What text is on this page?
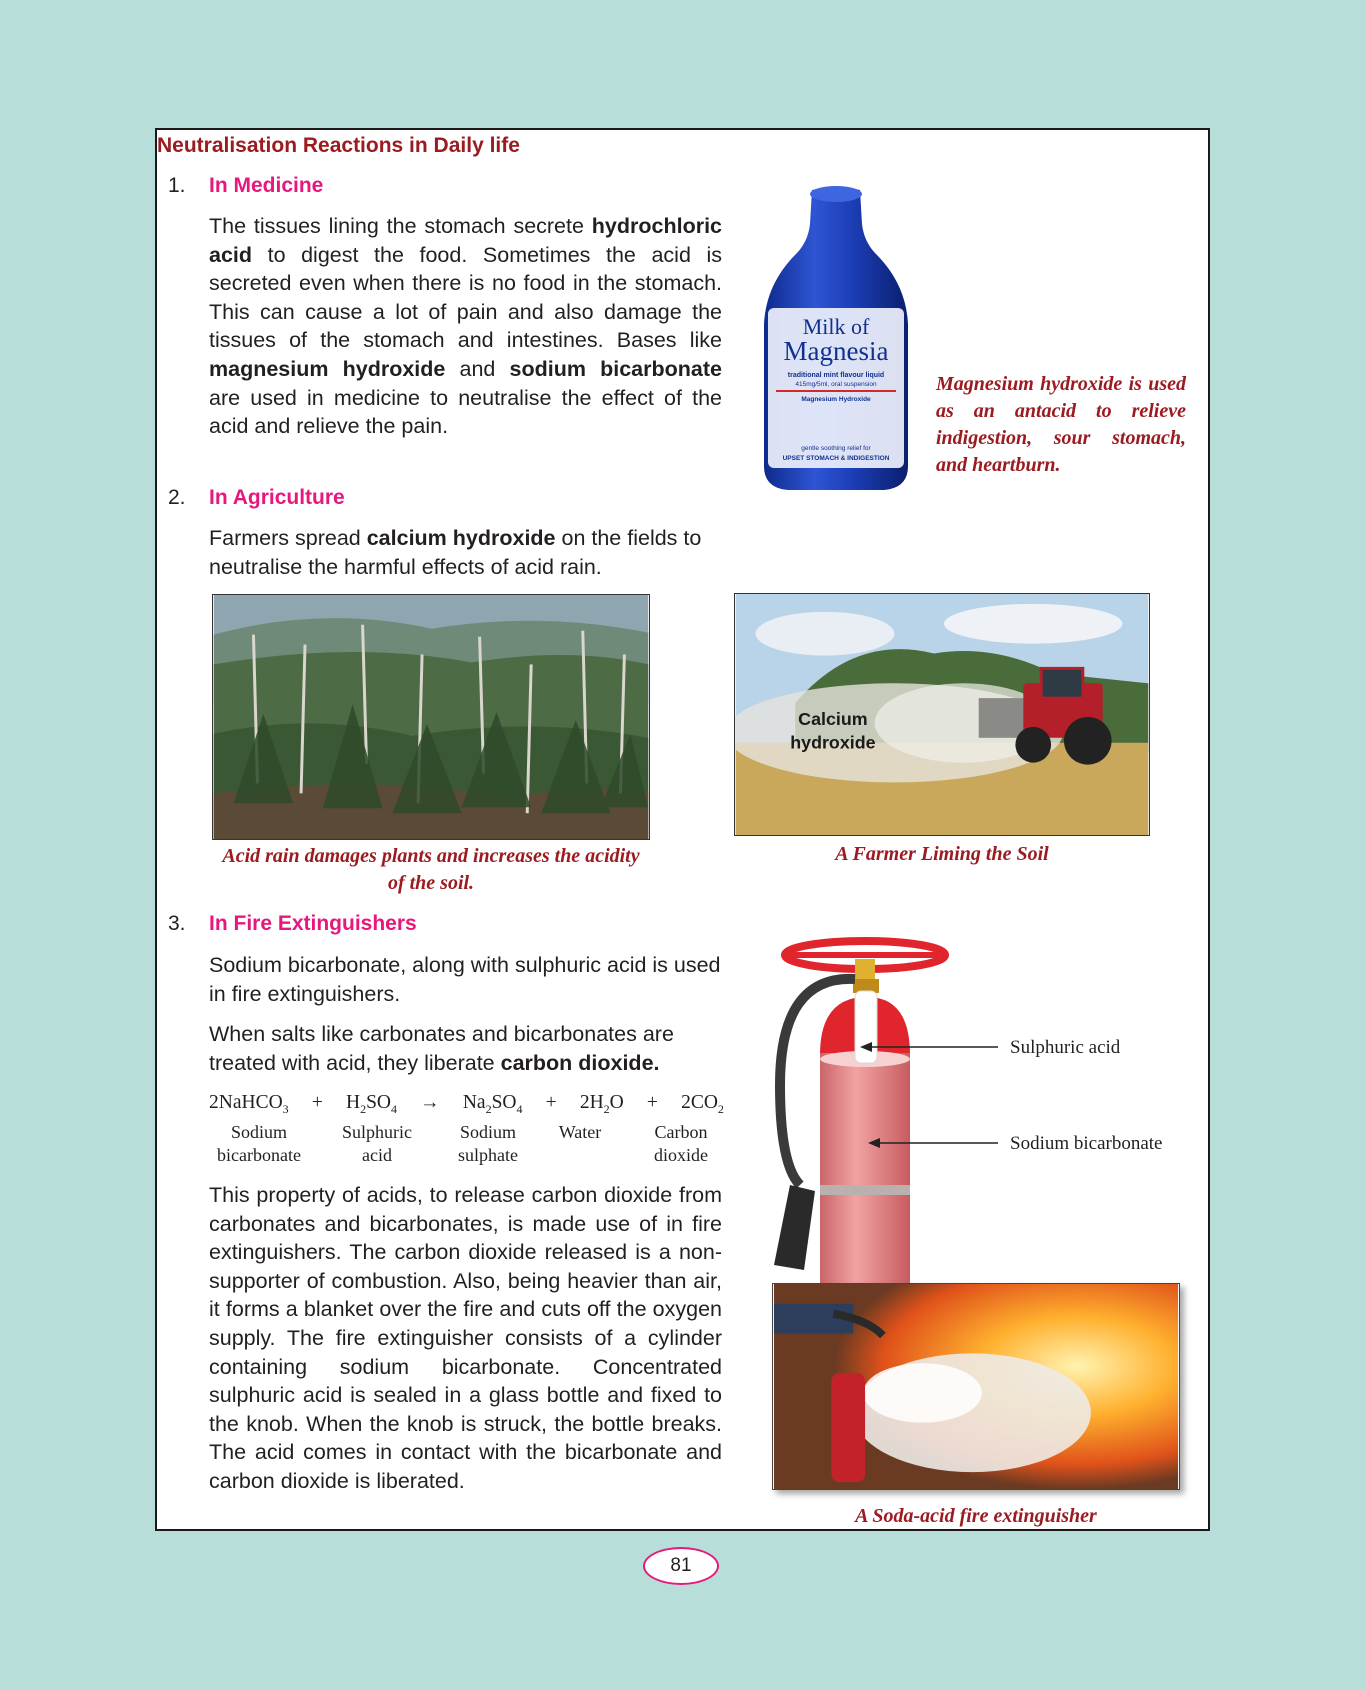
Neutralisation Reactions in Daily life
1. In Medicine
The tissues lining the stomach secrete hydrochloric acid to digest the food. Sometimes the acid is secreted even when there is no food in the stomach. This can cause a lot of pain and also damage the tissues of the stomach and intestines. Bases like magnesium hydroxide and sodium bicarbonate are used in medicine to neutralise the effect of the acid and relieve the pain.
Milk of
Magnesia
traditional mint flavour liquid
415mg/5ml, oral suspension
Magnesium Hydroxide
gentle soothing relief for
UPSET STOMACH & INDIGESTION
Magnesium hydroxide is used as an antacid to relieve indigestion, sour stomach, and heartburn.
2. In Agriculture
Farmers spread calcium hydroxide on the fields to neutralise the harmful effects of acid rain.
Acid rain damages plants and increases the acidity of the soil.
Calcium
hydroxide
A Farmer Liming the Soil
3. In Fire Extinguishers
Sodium bicarbonate, along with sulphuric acid is used in fire extinguishers.
When salts like carbonates and bicarbonates are treated with acid, they liberate carbon dioxide.
2NaHCO$_3$ + $H_2SO_4 \to Na_2SO_4 + 2H_2O + 2CO_2$
Sodium
bicarbonate
Sulphuric
acid
Sodium
sulphate
Water	Carbon
dioxide
This property of acids, to release carbon dioxide from carbonates and bicarbonates, is made use of in fire extinguishers. The carbon dioxide released is a non-supporter of combustion. Also, being heavier than air, it forms a blanket over the fire and cuts off the oxygen supply. The fire extinguisher consists of a cylinder containing sodium bicarbonate. Concentrated sulphuric acid is sealed in a glass bottle and fixed to the knob. When the knob is struck, the bottle breaks. The acid comes in contact with the bicarbonate and carbon dioxide is liberated.
Sulphuric acid
Sodium bicarbonate
A Soda-acid fire extinguisher
81
